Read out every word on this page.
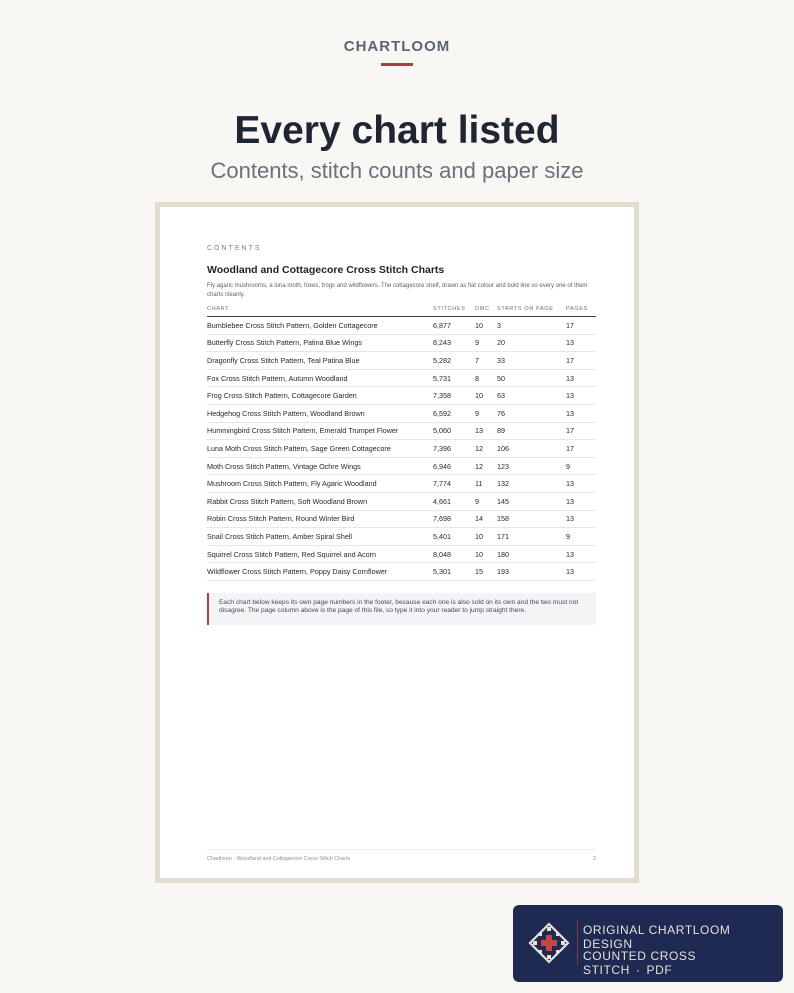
CHARTLOOM
Every chart listed
Contents, stitch counts and paper size
CONTENTS
Woodland and Cottagecore Cross Stitch Charts
Fly agaric mushrooms, a luna moth, foxes, frogs and wildflowers. The cottagecore shelf, drawn as flat colour and bold line so every one of them charts cleanly.
CHART	STITCHES	DMC	STARTS ON PAGE	PAGES
Bumblebee Cross Stitch Pattern, Golden Cottagecore	6,877	10	3	17
Butterfly Cross Stitch Pattern, Patina Blue Wings	8,243	9	20	13
Dragonfly Cross Stitch Pattern, Teal Patina Blue	5,282	7	33	17
Fox Cross Stitch Pattern, Autumn Woodland	5,731	8	50	13
Frog Cross Stitch Pattern, Cottagecore Garden	7,358	10	63	13
Hedgehog Cross Stitch Pattern, Woodland Brown	6,592	9	76	13
Hummingbird Cross Stitch Pattern, Emerald Trumpet Flower	5,060	13	89	17
Luna Moth Cross Stitch Pattern, Sage Green Cottagecore	7,396	12	106	17
Moth Cross Stitch Pattern, Vintage Ochre Wings	6,946	12	123	9
Mushroom Cross Stitch Pattern, Fly Agaric Woodland	7,774	11	132	13
Rabbit Cross Stitch Pattern, Soft Woodland Brown	4,661	9	145	13
Robin Cross Stitch Pattern, Round Winter Bird	7,698	14	158	13
Snail Cross Stitch Pattern, Amber Spiral Shell	5,401	10	171	9
Squirrel Cross Stitch Pattern, Red Squirrel and Acorn	8,048	10	180	13
Wildflower Cross Stitch Pattern, Poppy Daisy Cornflower	5,301	15	193	13
Each chart below keeps its own page numbers in the footer, because each one is also sold on its own and the two must not disagree. The page column above is the page of this file, so type it into your reader to jump straight there.
Chartloom · Woodland and Cottagecore Cross Stitch Charts	2
ORIGINAL CHARTLOOM DESIGN
COUNTED CROSS STITCH · PDF
